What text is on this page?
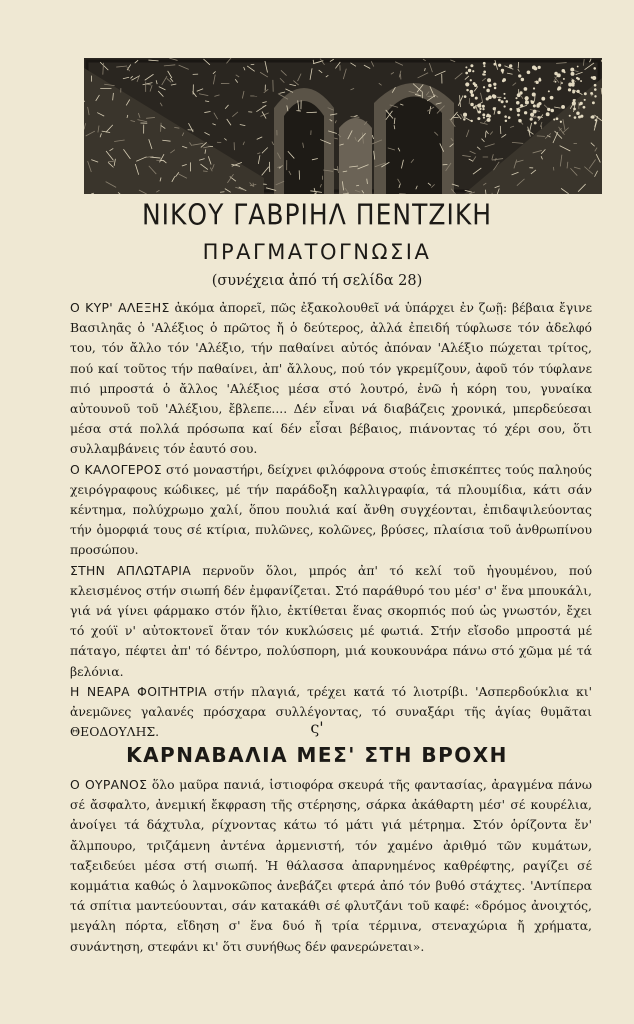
ΝΙΚΟΥ ΓΑΒΡΙΗΛ ΠΕΝΤΖΙΚΗ
ΠΡΑΓΜΑΤΟΓΝΩΣΙΑ
(συνέχεια ἀπό τή σελίδα 28)

Ο ΚΥΡ' ΑΛΕΞΗΣ ἀκόμα ἀπορεῖ, πῶς ἐξακολουθεῖ νά ὑπάρχει ἐν ζωῇ: βέβαια ἔγινε Βασιληᾶς ὁ 'Αλέξιος ὁ πρῶτος ἤ ὁ δεύτερος, ἀλλά ἐπειδή τύφλωσε τόν ἀδελφό του, τόν ἄλλο τόν 'Αλέξιο, τήν παθαίνει αὐτός ἀπόναν 'Αλέξιο πώχεται τρίτος, πού καί τοῦτος τήν παθαίνει, ἀπ' ἄλλους, πού τόν γκρεμίζουν, ἀφοῦ τόν τύφλανε πιό μπροστά ὁ ἄλλος 'Αλέξιος μέσα στό λουτρό, ἐνῶ ἡ κόρη του, γυναίκα αὐτουνοῦ τοῦ 'Αλέξιου, ἔβλεπε.... Δέν εἶναι νά διαβάζεις χρονικά, μπερδεύεσαι μέσα στά πολλά πρόσωπα καί δέν εἶσαι βέβαιος, πιάνοντας τό χέρι σου, ὅτι συλλαμβάνεις τόν ἑαυτό σου.

Ο ΚΑΛΟΓΕΡΟΣ στό μοναστήρι, δείχνει φιλόφρονα στούς ἐπισκέπτες τούς παληούς χειρόγραφους κώδικες, μέ τήν παράδοξη καλλιγραφία, τά πλουμίδια, κάτι σάν κέντημα, πολύχρωμο χαλί, ὅπου πουλιά καί ἄνθη συγχέονται, ἐπιδαψιλεύοντας τήν ὁμορφιά τους σέ κτίρια, πυλῶνες, κολῶνες, βρύσες, πλαίσια τοῦ ἀνθρωπίνου προσώπου.

ΣΤΗΝ ΑΠΛΩΤΑΡΙΑ περνοῦν ὅλοι, μπρός ἀπ' τό κελί τοῦ ἡγουμένου, πού κλεισμένος στήν σιωπή δέν ἐμφανίζεται. Στό παράθυρό του μέσ' σ' ἕνα μπουκάλι, γιά νά γίνει φάρμακο στόν ἥλιο, ἐκτίθεται ἕνας σκορπιός πού ὡς γνωστόν, ἔχει τό χούϊ ν' αὐτοκτονεῖ ὅταν τόν κυκλώσεις μέ φωτιά. Στήν εἴσοδο μπροστά μέ πάταγο, πέφτει ἀπ' τό δέντρο, πολύσπορη, μιά κουκουνάρα πάνω στό χῶμα μέ τά βελόνια.

Η ΝΕΑΡΑ ΦΟΙΤΗΤΡΙΑ στήν πλαγιά, τρέχει κατά τό λιοτρίβι. 'Ασπερδούκλια κι' ἀνεμῶνες γαλανές πρόσχαρα συλλέγοντας, τό συναξάρι τῆς ἁγίας θυμᾶται ΘΕΟΔΟΥΛΗΣ.	ς'
ΚΑΡΝΑΒΑΛΙΑ ΜΕΣ' ΣΤΗ ΒΡΟΧΗ

Ο ΟΥΡΑΝΟΣ ὅλο μαῦρα πανιά, ἱστιοφόρα σκευρά τῆς φαντασίας, ἀραγμένα πάνω σέ ἄσφαλτο, ἀνεμική ἔκφραση τῆς στέρησης, σάρκα ἀκάθαρτη μέσ' σέ κουρέλια, ἀνοίγει τά δάχτυλα, ρίχνοντας κάτω τό μάτι γιά μέτρημα. Στόν ὁρίζοντα ἔν' ἄλμπουρο, τριζάμενη ἀντένα ἀρμενιστή, τόν χαμένο ἀριθμό τῶν κυμάτων, ταξειδεύει μέσα στή σιωπή. Ἡ θάλασσα ἀπαρνημένος καθρέφτης, ραγίζει σέ κομμάτια καθώς ὁ λαμνοκῶπος ἀνεβάζει φτερά ἀπό τόν βυθό στάχτες. 'Αντίπερα τά σπίτια μαντεύουνται, σάν κατακάθι σέ φλυτζάνι τοῦ καφέ: «δρόμος ἀνοιχτός, μεγάλη πόρτα, εἴδηση σ' ἕνα δυό ἤ τρία τέρμινα, στεναχώρια ἤ χρήματα, συνάντηση, στεφάνι κι' ὅτι συνήθως δέν φανερώνεται».
